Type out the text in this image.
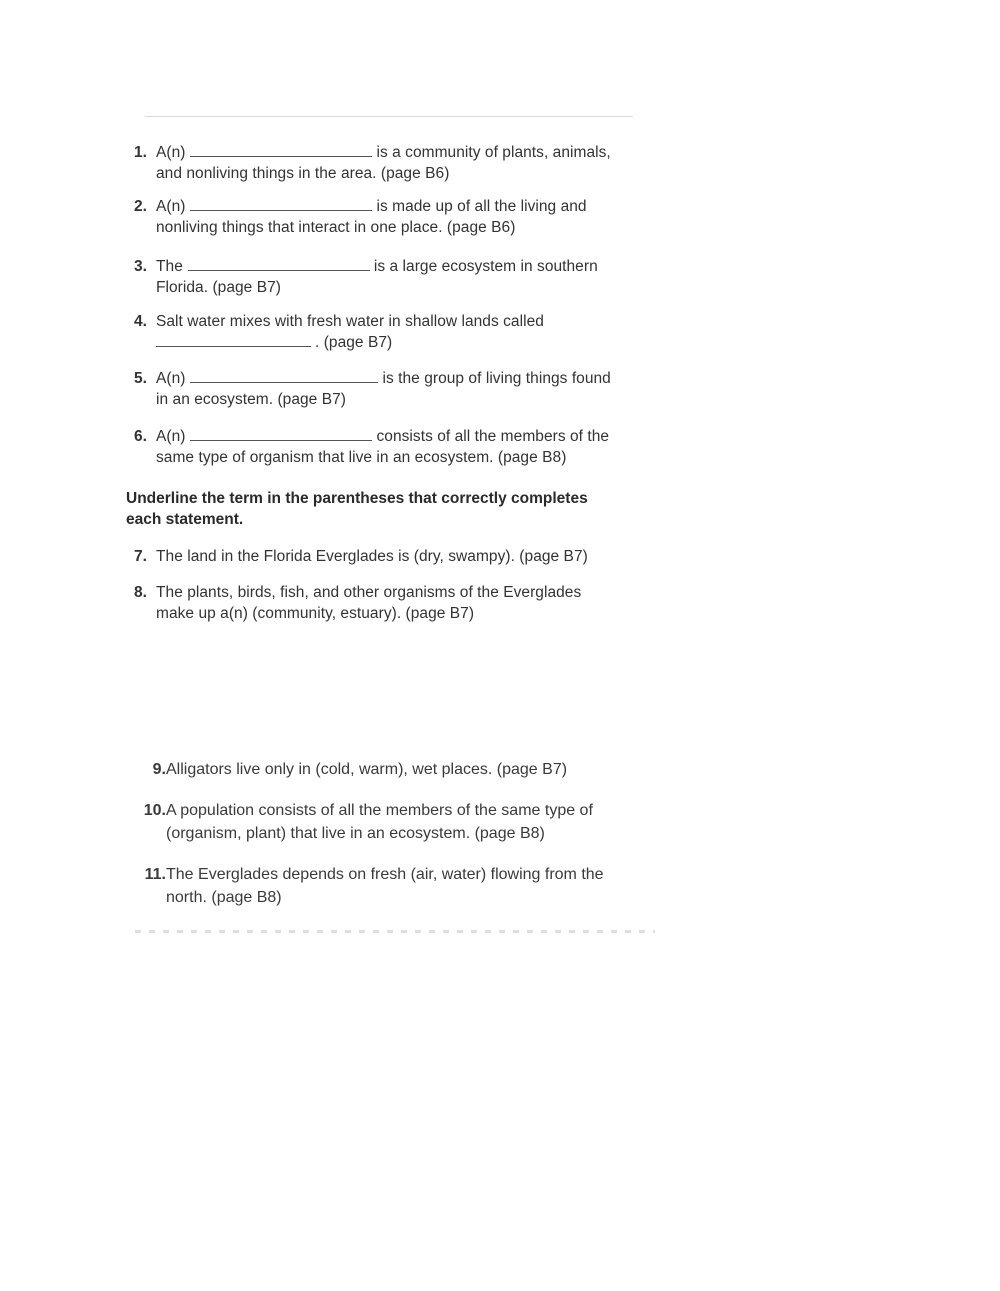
1. A(n)	is a community of plants, animals,
and nonliving things in the area. (page B6)
2. A(n)	is made up of all the living and
nonliving things that interact in one place. (page B6)
3. The	is a large ecosystem in southern
Florida. (page B7)
4. Salt water mixes with fresh water in shallow lands called
. (page B7)
5. A(n)	is the group of living things found
in an ecosystem. (page B7)
6. A(n)	consists of all the members of the
same type of organism that live in an ecosystem. (page B8)
Underline the term in the parentheses that correctly completes
each statement.
7. The land in the Florida Everglades is (dry, swampy). (page B7)
8. The plants, birds, fish, and other organisms of the Everglades
make up a(n) (community, estuary). (page B7)
9. Alligators live only in (cold, warm), wet places. (page B7)
10. A population consists of all the members of the same type of
(organism, plant) that live in an ecosystem. (page B8)
11. The Everglades depends on fresh (air, water) flowing from the
north. (page B8)
